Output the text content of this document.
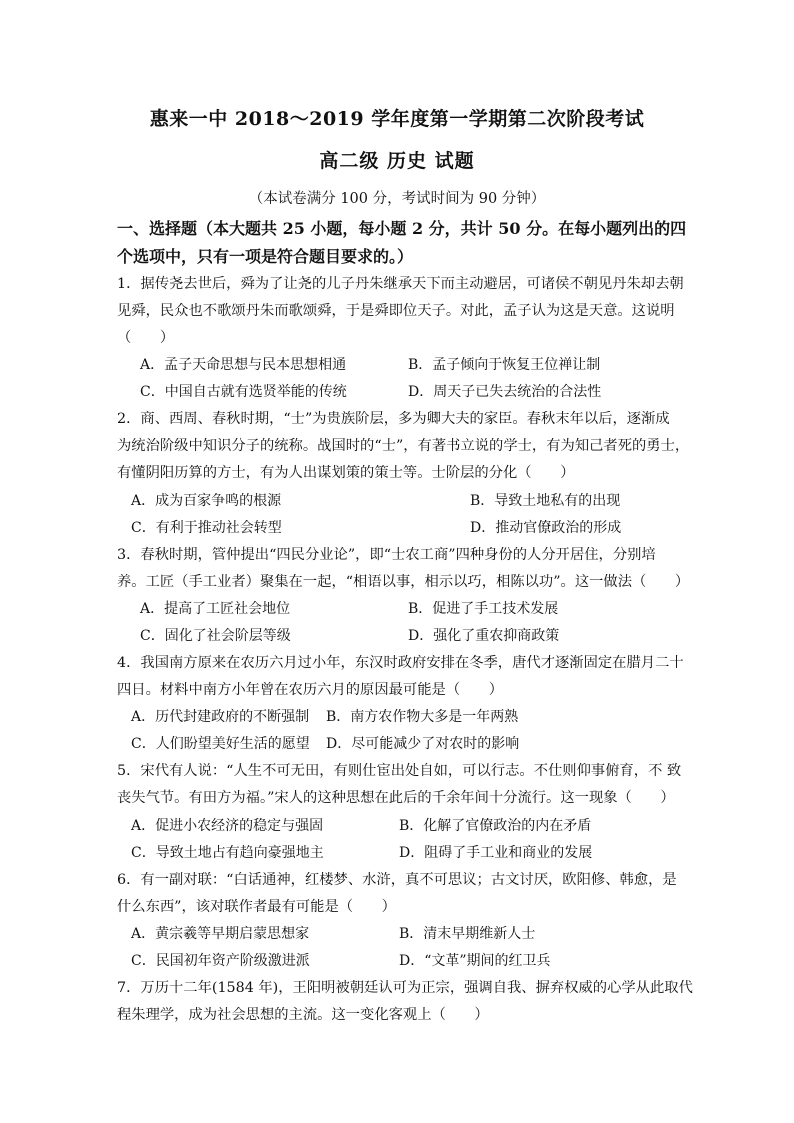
惠来一中 2018～2019 学年度第一学期第二次阶段考试
高二级 历史 试题
（本试卷满分 100 分，考试时间为 90 分钟）
一、选择题（本大题共 25 小题，每小题 2 分，共计 50 分。在每小题列出的四
个选项中，只有一项是符合题目要求的。）
1．据传尧去世后，舜为了让尧的儿子丹朱继承天下而主动避居，可诸侯不朝见丹朱却去朝
见舜，民众也不歌颂丹朱而歌颂舜，于是舜即位天子。对此，孟子认为这是天意。这说明
（　　）
A．孟子天命思想与民本思想相通	B．孟子倾向于恢复王位禅让制
C．中国自古就有选贤举能的传统	D．周天子已失去统治的合法性
2．商、西周、春秋时期，“士”为贵族阶层，多为卿大夫的家臣。春秋末年以后，逐渐成
为统治阶级中知识分子的统称。战国时的“士”，有著书立说的学士，有为知己者死的勇士，
有懂阴阳历算的方士，有为人出谋划策的策士等。士阶层的分化（　　）
A．成为百家争鸣的根源	B．导致土地私有的出现
C．有利于推动社会转型	D．推动官僚政治的形成
3．春秋时期，管仲提出“四民分业论”，即“士农工商”四种身份的人分开居住，分别培
养。工匠（手工业者）聚集在一起，“相语以事，相示以巧，相陈以功”。这一做法（　　）
A．提高了工匠社会地位	B．促进了手工技术发展
C．固化了社会阶层等级	D．强化了重农抑商政策
4．我国南方原来在农历六月过小年，东汉时政府安排在冬季，唐代才逐渐固定在腊月二十
四日。材料中南方小年曾在农历六月的原因最可能是（　　）
A．历代封建政府的不断强制 B．南方农作物大多是一年两熟
C．人们盼望美好生活的愿望 D．尽可能减少了对农时的影响
5．宋代有人说：“人生不可无田，有则仕宦出处自如，可以行志。不仕则仰事俯育，不 致
丧失气节。有田方为福。”宋人的这种思想在此后的千余年间十分流行。这一现象（　　）
A．促进小农经济的稳定与强固	B．化解了官僚政治的内在矛盾
C．导致土地占有趋向豪强地主	D．阻碍了手工业和商业的发展
6．有一副对联：“白话通神，红楼梦、水浒，真不可思议；古文讨厌，欧阳修、韩愈，是
什么东西”，该对联作者最有可能是（　　）
A．黄宗羲等早期启蒙思想家	B．清末早期维新人士
C．民国初年资产阶级激进派	D．“文革”期间的红卫兵
7．万历十二年(1584 年)，王阳明被朝廷认可为正宗，强调自我、摒弃权威的心学从此取代
程朱理学，成为社会思想的主流。这一变化客观上（　　）
